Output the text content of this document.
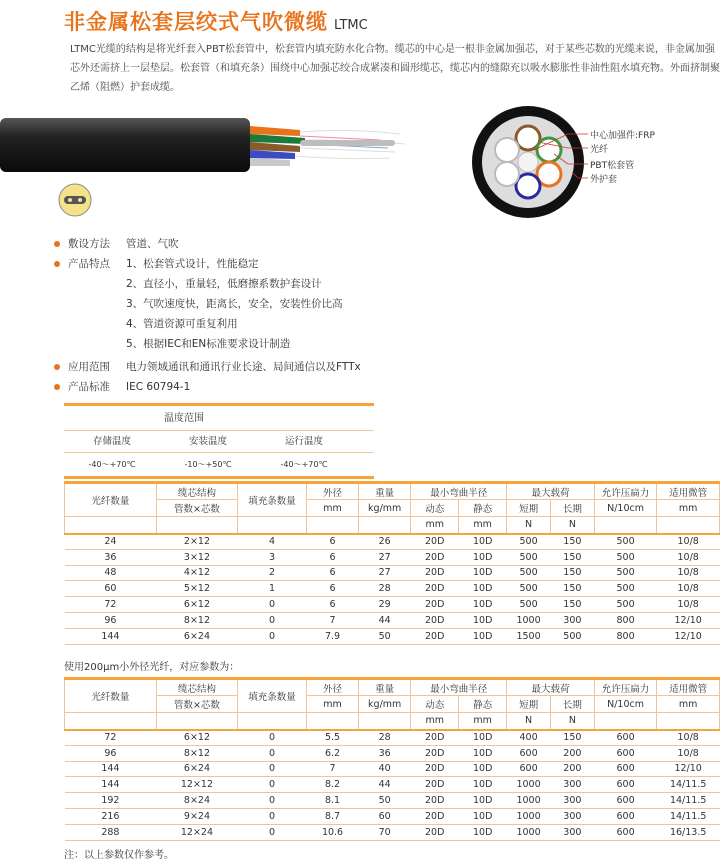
非金属松套层绞式气吹微缆 LTMC
LTMC光缆的结构是将光纤套入PBT松套管中，松套管内填充防水化合物。缆芯的中心是一根非金属加强芯，对于某些芯数的光缆来说，非金属加强芯外还需挤上一层垫层。松套管（和填充条）围绕中心加强芯绞合成紧凑和圆形缆芯，缆芯内的缝隙充以吸水膨胀性非油性阻水填充物。外面挤制聚乙烯（阻燃）护套成缆。
中心加强件:FRP
光纤
PBT松套管
外护套
敷设方法	管道、气吹
产品特点	1、松套管式设计，性能稳定
2、直径小，重量轻，低磨擦系数护套设计
3、气吹速度快，距离长，安全，安装性价比高
4、管道资源可重复利用
5、根据IEC和EN标准要求设计制造
应用范围	电力领域通讯和通讯行业长途、局间通信以及FTTx
产品标准	IEC 60794-1
温度范围
存储温度	安装温度	运行温度
-40～+70℃	-10～+50℃	-40～+70℃
光纤数量	缆芯结构	填充条数量	外径	重量	最小弯曲半径		最大载荷		允许压扁力	适用微管
	管数×芯数		mm	kg/mm	动态	静态	短期	长期	N/10cm	mm
					mm	mm	N	N		
24	2×12	4	6	26	20D	10D	500	150	500	10/8
36	3×12	3	6	27	20D	10D	500	150	500	10/8
48	4×12	2	6	27	20D	10D	500	150	500	10/8
60	5×12	1	6	28	20D	10D	500	150	500	10/8
72	6×12	0	6	29	20D	10D	500	150	500	10/8
96	8×12	0	7	44	20D	10D	1000	300	800	12/10
144	6×24	0	7.9	50	20D	10D	1500	500	800	12/10
使用200μm小外径光纤，对应参数为：
光纤数量	缆芯结构	填充条数量	外径	重量	最小弯曲半径		最大载荷		允许压扁力	适用微管
	管数×芯数		mm	kg/mm	动态	静态	短期	长期	N/10cm	mm
					mm	mm	N	N		
72	6×12	0	5.5	28	20D	10D	400	150	600	10/8
96	8×12	0	6.2	36	20D	10D	600	200	600	10/8
144	6×24	0	7	40	20D	10D	600	200	600	12/10
144	12×12	0	8.2	44	20D	10D	1000	300	600	14/11.5
192	8×24	0	8.1	50	20D	10D	1000	300	600	14/11.5
216	9×24	0	8.7	60	20D	10D	1000	300	600	14/11.5
288	12×24	0	10.6	70	20D	10D	1000	300	600	16/13.5
注：以上参数仅作参考。
